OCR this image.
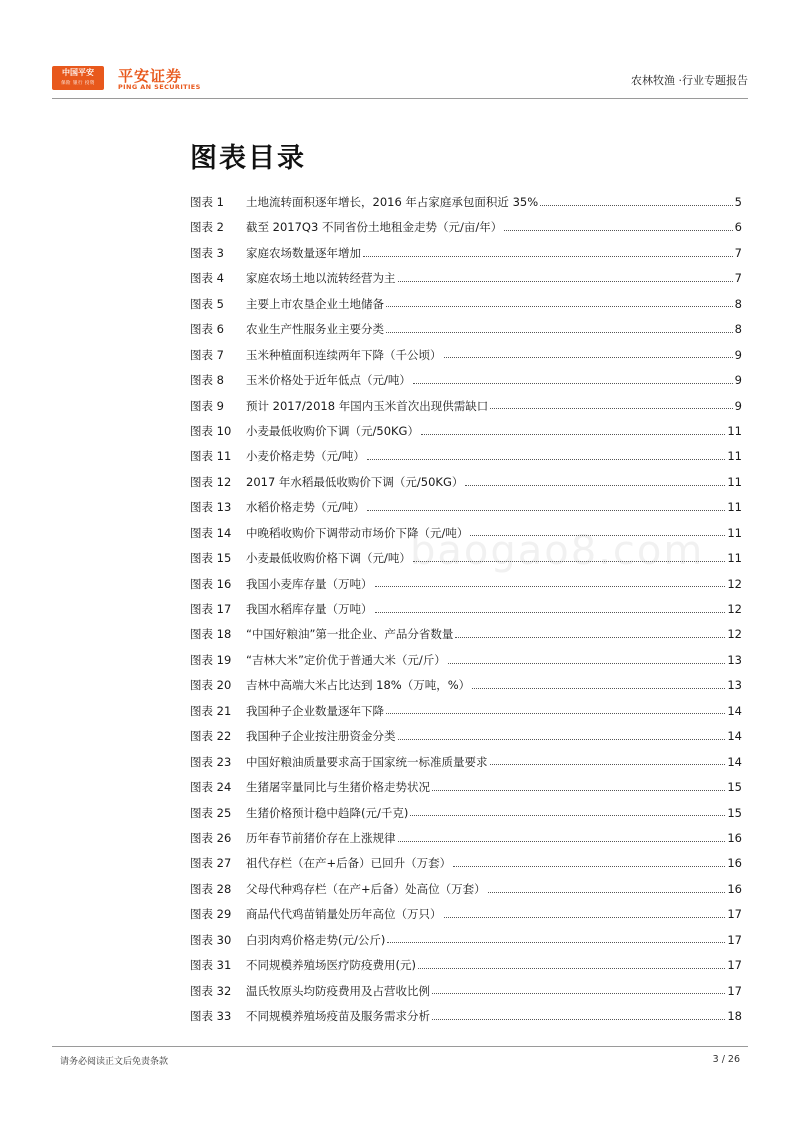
中国平安
保险 银行 投资	平安证券
PING AN SECURITIES	农林牧渔 ·行业专题报告
图表目录
图表 1	土地流转面积逐年增长，2016 年占家庭承包面积近 35%	5
图表 2	截至 2017Q3 不同省份土地租金走势（元/亩/年）	6
图表 3	家庭农场数量逐年增加	7
图表 4	家庭农场土地以流转经营为主	7
图表 5	主要上市农垦企业土地储备	8
图表 6	农业生产性服务业主要分类	8
图表 7	玉米种植面积连续两年下降（千公顷）	9
图表 8	玉米价格处于近年低点（元/吨）	9
图表 9	预计 2017/2018 年国内玉米首次出现供需缺口	9
图表 10	小麦最低收购价下调（元/50KG）	11
图表 11	小麦价格走势（元/吨）	11
图表 12	2017 年水稻最低收购价下调（元/50KG）	11
图表 13	水稻价格走势（元/吨）	11
图表 14	中晚稻收购价下调带动市场价下降（元/吨）	11
图表 15	小麦最低收购价格下调（元/吨）	11
图表 16	我国小麦库存量（万吨）	12
图表 17	我国水稻库存量（万吨）	12
图表 18	“中国好粮油”第一批企业、产品分省数量	12
图表 19	“吉林大米”定价优于普通大米（元/斤）	13
图表 20	吉林中高端大米占比达到 18%（万吨，%）	13
图表 21	我国种子企业数量逐年下降	14
图表 22	我国种子企业按注册资金分类	14
图表 23	中国好粮油质量要求高于国家统一标准质量要求	14
图表 24	生猪屠宰量同比与生猪价格走势状况	15
图表 25	生猪价格预计稳中趋降(元/千克)	15
图表 26	历年春节前猪价存在上涨规律	16
图表 27	祖代存栏（在产+后备）已回升（万套）	16
图表 28	父母代种鸡存栏（在产+后备）处高位（万套）	16
图表 29	商品代代鸡苗销量处历年高位（万只）	17
图表 30	白羽肉鸡价格走势(元/公斤)	17
图表 31	不同规模养殖场医疗防疫费用(元)	17
图表 32	温氏牧原头均防疫费用及占营收比例	17
图表 33	不同规模养殖场疫苗及服务需求分析	18
baogao8.com
请务必阅读正文后免责条款	3 / 26
